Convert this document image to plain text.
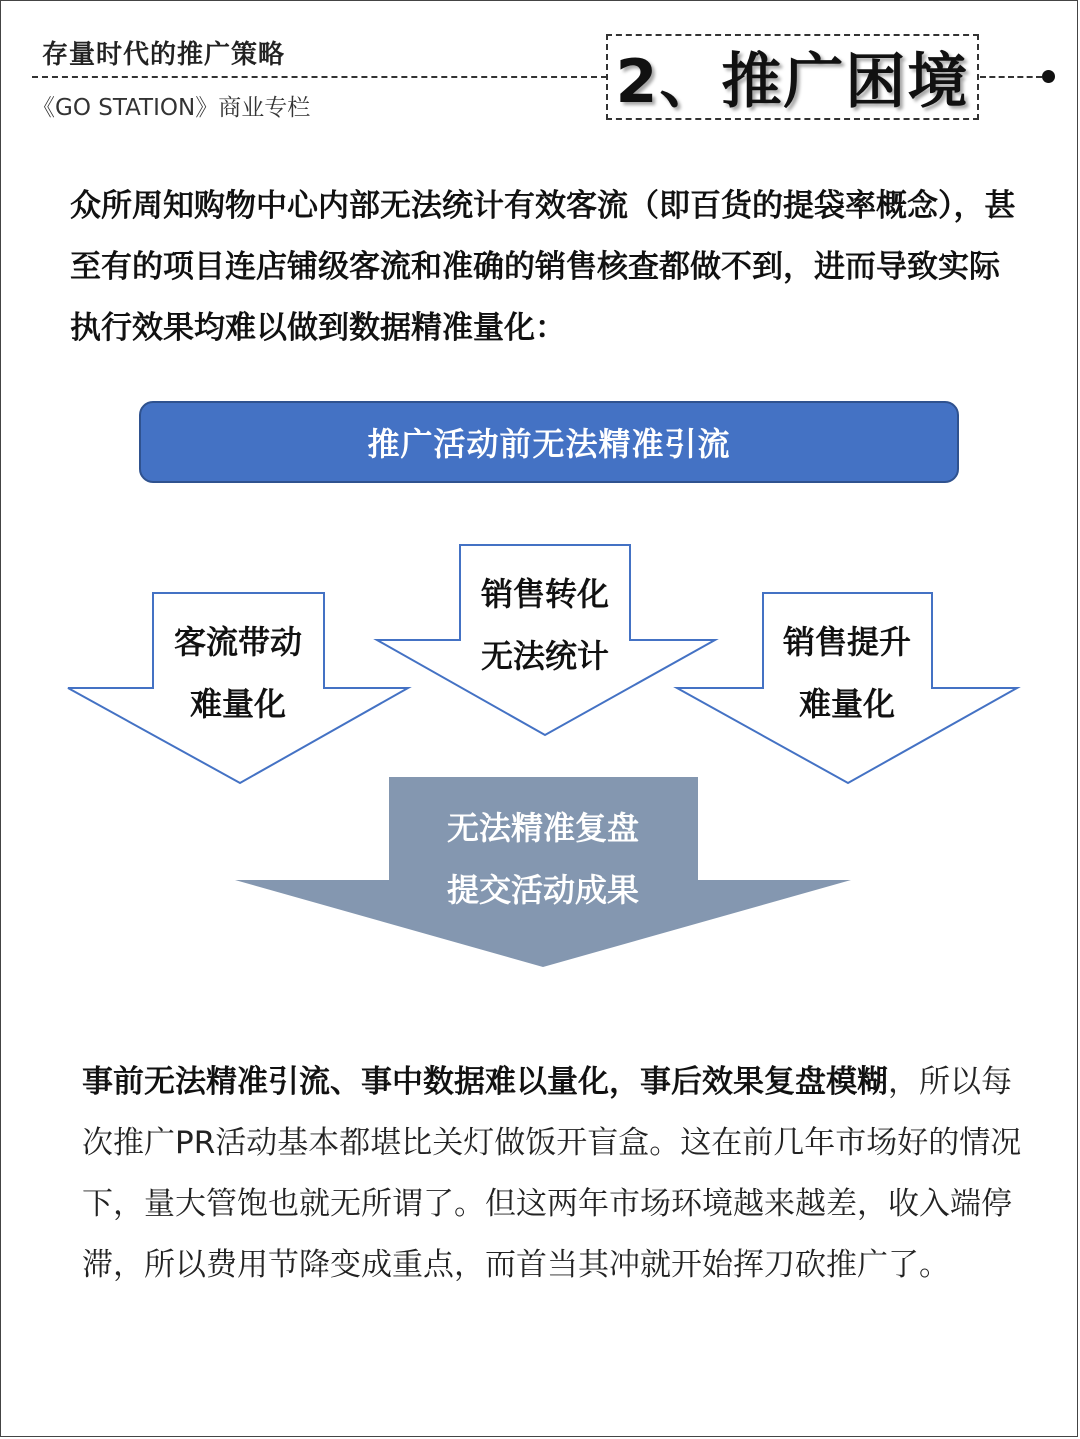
存量时代的推广策略
《GO STATION》商业专栏	2、推广困境

众所周知购物中心内部无法统计有效客流（即百货的提袋率概念），甚至有的项目连店铺级客流和准确的销售核查都做不到，进而导致实际执行效果均难以做到数据精准量化：

推广活动前无法精准引流
客流带动
难量化
销售转化
无法统计	销售提升
难量化
无法精准复盘
提交活动成果

事前无法精准引流、事中数据难以量化，事后效果复盘模糊，所以每次推广PR活动基本都堪比关灯做饭开盲盒。这在前几年市场好的情况下，量大管饱也就无所谓了。但这两年市场环境越来越差，收入端停滞，所以费用节降变成重点，而首当其冲就开始挥刀砍推广了。
